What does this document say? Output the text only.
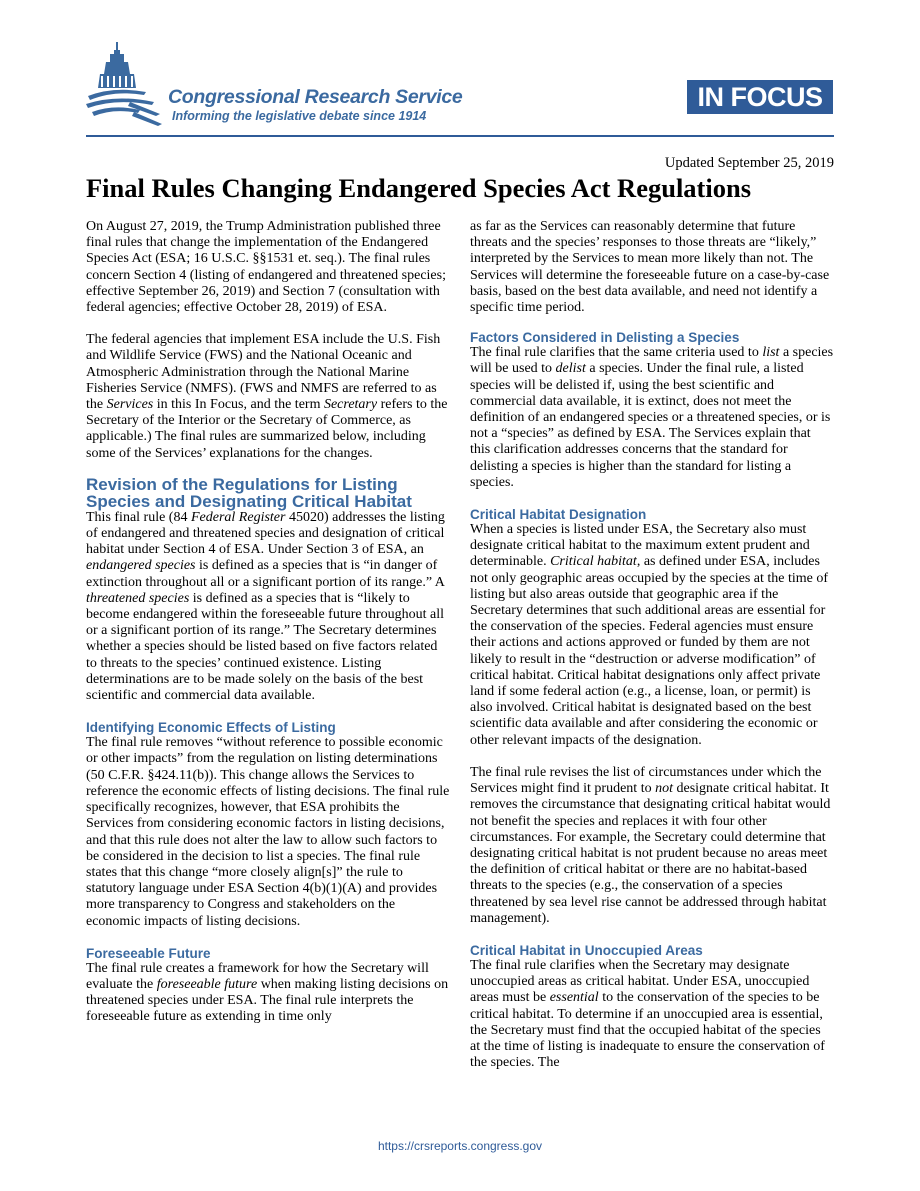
Congressional Research Service
Informing the legislative debate since 1914
IN FOCUS
Updated September 25, 2019
Final Rules Changing Endangered Species Act Regulations

On August 27, 2019, the Trump Administration published three final rules that change the implementation of the Endangered Species Act (ESA; 16 U.S.C. §§1531 et. seq.). The final rules concern Section 4 (listing of endangered and threatened species; effective September 26, 2019) and Section 7 (consultation with federal agencies; effective October 28, 2019) of ESA.

The federal agencies that implement ESA include the U.S. Fish and Wildlife Service (FWS) and the National Oceanic and Atmospheric Administration through the National Marine Fisheries Service (NMFS). (FWS and NMFS are referred to as the Services in this In Focus, and the term Secretary refers to the Secretary of the Interior or the Secretary of Commerce, as applicable.) The final rules are summarized below, including some of the Services’ explanations for the changes.

Revision of the Regulations for Listing Species and Designating Critical Habitat

This final rule (84 Federal Register 45020) addresses the listing of endangered and threatened species and designation of critical habitat under Section 4 of ESA. Under Section 3 of ESA, an endangered species is defined as a species that is “in danger of extinction throughout all or a significant portion of its range.” A threatened species is defined as a species that is “likely to become endangered within the foreseeable future throughout all or a significant portion of its range.” The Secretary determines whether a species should be listed based on five factors related to threats to the species’ continued existence. Listing determinations are to be made solely on the basis of the best scientific and commercial data available.

Identifying Economic Effects of Listing

The final rule removes “without reference to possible economic or other impacts” from the regulation on listing determinations (50 C.F.R. §424.11(b)). This change allows the Services to reference the economic effects of listing decisions. The final rule specifically recognizes, however, that ESA prohibits the Services from considering economic factors in listing decisions, and that this rule does not alter the law to allow such factors to be considered in the decision to list a species. The final rule states that this change “more closely align[s]” the rule to statutory language under ESA Section 4(b)(1)(A) and provides more transparency to Congress and stakeholders on the economic impacts of listing decisions.

Foreseeable Future

The final rule creates a framework for how the Secretary will evaluate the foreseeable future when making listing decisions on threatened species under ESA. The final rule interprets the foreseeable future as extending in time only

as far as the Services can reasonably determine that future threats and the species’ responses to those threats are “likely,” interpreted by the Services to mean more likely than not. The Services will determine the foreseeable future on a case-by-case basis, based on the best data available, and need not identify a specific time period.

Factors Considered in Delisting a Species

The final rule clarifies that the same criteria used to list a species will be used to delist a species. Under the final rule, a listed species will be delisted if, using the best scientific and commercial data available, it is extinct, does not meet the definition of an endangered species or a threatened species, or is not a “species” as defined by ESA. The Services explain that this clarification addresses concerns that the standard for delisting a species is higher than the standard for listing a species.

Critical Habitat Designation

When a species is listed under ESA, the Secretary also must designate critical habitat to the maximum extent prudent and determinable. Critical habitat, as defined under ESA, includes not only geographic areas occupied by the species at the time of listing but also areas outside that geographic area if the Secretary determines that such additional areas are essential for the conservation of the species. Federal agencies must ensure their actions and actions approved or funded by them are not likely to result in the “destruction or adverse modification” of critical habitat. Critical habitat designations only affect private land if some federal action (e.g., a license, loan, or permit) is also involved. Critical habitat is designated based on the best scientific data available and after considering the economic or other relevant impacts of the designation.

The final rule revises the list of circumstances under which the Services might find it prudent to not designate critical habitat. It removes the circumstance that designating critical habitat would not benefit the species and replaces it with four other circumstances. For example, the Secretary could determine that designating critical habitat is not prudent because no areas meet the definition of critical habitat or there are no habitat-based threats to the species (e.g., the conservation of a species threatened by sea level rise cannot be addressed through habitat management).

Critical Habitat in Unoccupied Areas

The final rule clarifies when the Secretary may designate unoccupied areas as critical habitat. Under ESA, unoccupied areas must be essential to the conservation of the species to be critical habitat. To determine if an unoccupied area is essential, the Secretary must find that the occupied habitat of the species at the time of listing is inadequate to ensure the conservation of the species. The

https://crsreports.congress.gov
